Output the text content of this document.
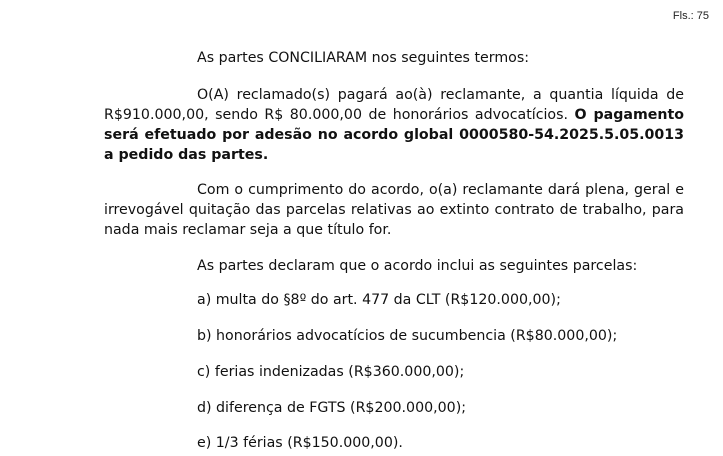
Fls.: 75
As partes CONCILIARAM nos seguintes termos:
O(A) reclamado(s) pagará ao(à) reclamante, a quantia líquida de R$910.000,00, sendo R$ 80.000,00 de honorários advocatícios. O pagamento será efetuado por adesão no acordo global 0000580-54.2025.5.05.0013 a pedido das partes.
Com o cumprimento do acordo, o(a) reclamante dará plena, geral e irrevogável quitação das parcelas relativas ao extinto contrato de trabalho, para nada mais reclamar seja a que título for.
As partes declaram que o acordo inclui as seguintes parcelas:
a) multa do §8º do art. 477 da CLT (R$120.000,00);
b) honorários advocatícios de sucumbencia (R$80.000,00);
c) ferias indenizadas (R$360.000,00);
d) diferença de FGTS (R$200.000,00);
e) 1/3 férias (R$150.000,00).
